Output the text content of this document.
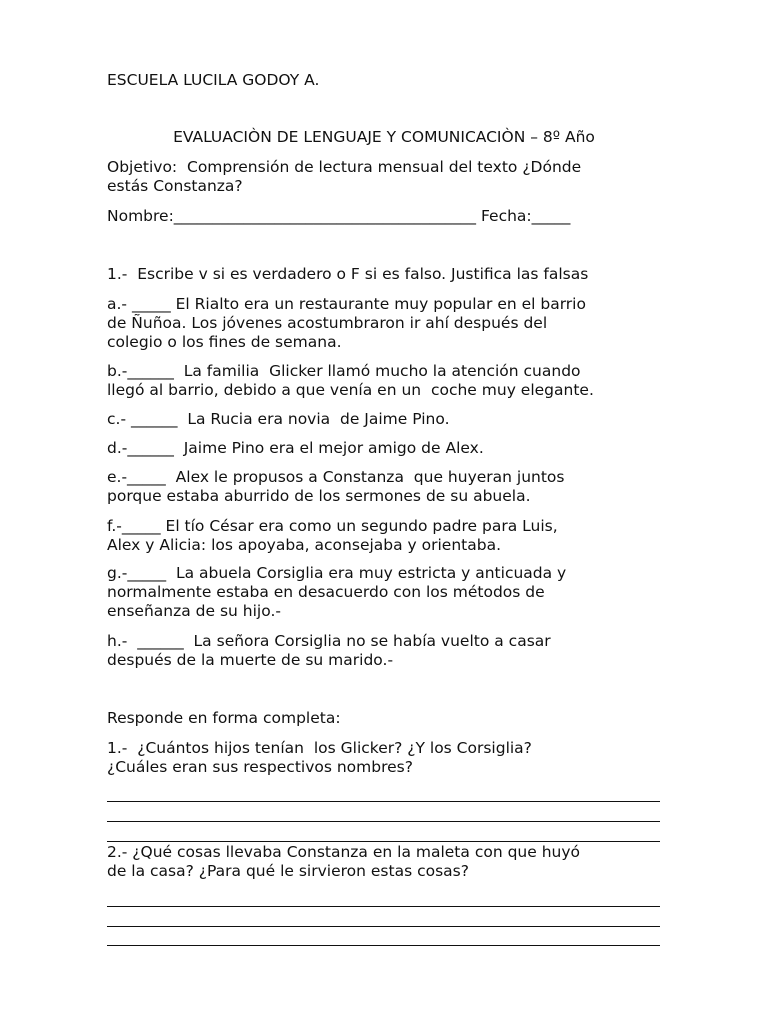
ESCUELA LUCILA GODOY A.
EVALUACIÒN DE LENGUAJE Y COMUNICACIÒN – 8º Año
Objetivo:  Comprensión de lectura mensual del texto ¿Dónde
estás Constanza?
Nombre:_______________________________________ Fecha:_____
1.-  Escribe v si es verdadero o F si es falso. Justifica las falsas
a.- _____ El Rialto era un restaurante muy popular en el barrio
de Ñuñoa. Los jóvenes acostumbraron ir ahí después del
colegio o los fines de semana.
b.-______  La familia  Glicker llamó mucho la atención cuando
llegó al barrio, debido a que venía en un  coche muy elegante.
c.- ______  La Rucia era novia  de Jaime Pino.
d.-______  Jaime Pino era el mejor amigo de Alex.
e.-_____  Alex le propusos a Constanza  que huyeran juntos
porque estaba aburrido de los sermones de su abuela.
f.-_____ El tío César era como un segundo padre para Luis,
Alex y Alicia: los apoyaba, aconsejaba y orientaba.
g.-_____  La abuela Corsiglia era muy estricta y anticuada y
normalmente estaba en desacuerdo con los métodos de
enseñanza de su hijo.-
h.-  ______  La señora Corsiglia no se había vuelto a casar
después de la muerte de su marido.-
Responde en forma completa:
1.-  ¿Cuántos hijos tenían  los Glicker? ¿Y los Corsiglia?
¿Cuáles eran sus respectivos nombres?
2.- ¿Qué cosas llevaba Constanza en la maleta con que huyó
de la casa? ¿Para qué le sirvieron estas cosas?
